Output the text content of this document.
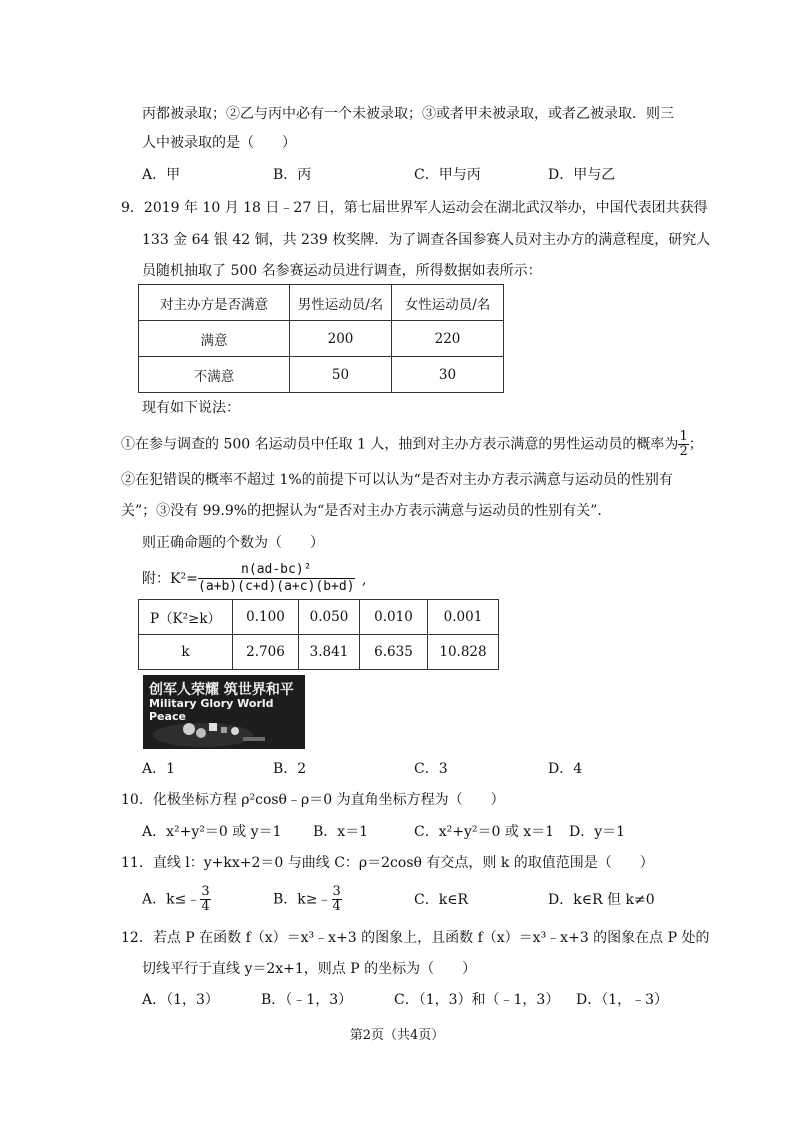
丙都被录取；②乙与丙中必有一个未被录取；③或者甲未被录取，或者乙被录取．则三
人中被录取的是（　　）
A．甲	B．丙	C．甲与丙	D．甲与乙
9．2019 年 10 月 18 日﹣27 日，第七届世界军人运动会在湖北武汉举办，中国代表团共获得
133 金 64 银 42 铜，共 239 枚奖牌．为了调查各国参赛人员对主办方的满意程度，研究人
员随机抽取了 500 名参赛运动员进行调查，所得数据如表所示：
对主办方是否满意	男性运动员/名	女性运动员/名
满意	200	220
不满意	50	30
现有如下说法：
①在参与调查的 500 名运动员中任取 1 人，抽到对主办方表示满意的男性运动员的概率为 $\frac{1}{2}$ ；
②在犯错误的概率不超过 1%的前提下可以认为“是否对主办方表示满意与运动员的性别有
关”；③没有 99.9%的把握认为“是否对主办方表示满意与运动员的性别有关”．
则正确命题的个数为（　　）
附：$K^2= \frac{\text{n(ad-bc)²}}{(a+b)(c+d)(a+c)(b+d)}$ ,
P（K²≥k）	0.100	0.050	0.010	0.001
k	2.706	3.841	6.635	10.828
创军人荣耀 筑世界和平
Military Glory World Peace
A．1	B．2	C．3	D．4
10．化极坐标方程 ρ²cosθ﹣ρ＝0 为直角坐标方程为（　　）
A．x²+y²＝0 或 y＝1 B．x＝1	C．x²+y²＝0 或 x＝1 D．y＝1
11．直线 l：y+kx+2＝0 与曲线 C：ρ＝2cosθ 有交点，则 k 的取值范围是（　　）
A．k≤﹣ $\frac{3}{4}$	B．k≥﹣ $\frac{3}{4}$	C．k∈R	D．k∈R 但 k≠0
12．若点 P 在函数 f（x）＝x³﹣x+3 的图象上，且函数 f（x）＝x³﹣x+3 的图象在点 P 处的
切线平行于直线 y＝2x+1，则点 P 的坐标为（　　）
A．（1，3）	B．（﹣1，3）	C．（1，3）和（﹣1，3） D．（1，﹣3）
第2页（共4页）
